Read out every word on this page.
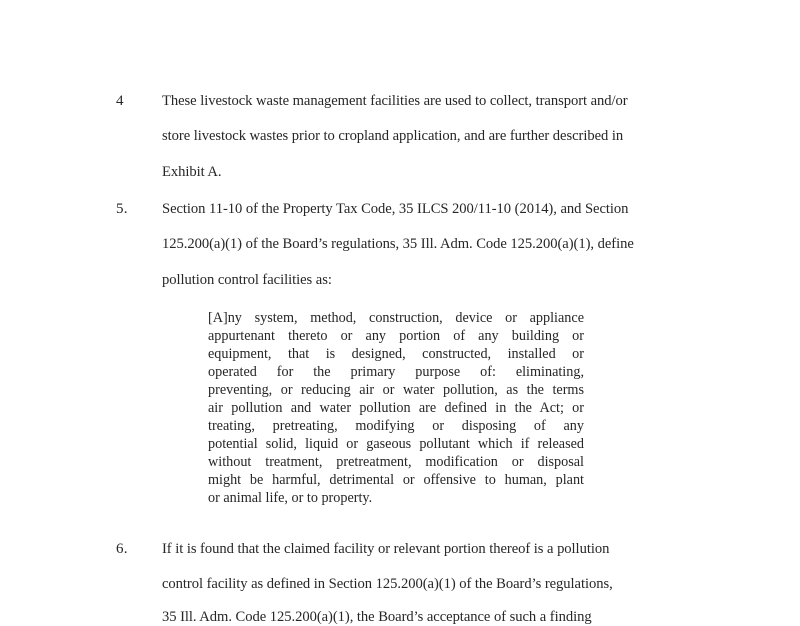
4	These livestock waste management facilities are used to collect, transport and/or
store livestock wastes prior to cropland application, and are further described in
Exhibit A.
5. Section 11-10 of the Property Tax Code, 35 ILCS 200/11-10 (2014), and Section
125.200(a)(1) of the Board’s regulations, 35 Ill. Adm. Code 125.200(a)(1), define
pollution control facilities as:
[A]ny system, method, construction, device or appliance
appurtenant thereto or any portion of any building or
equipment, that is designed, constructed, installed or
operated for the primary purpose of: eliminating,
preventing, or reducing air or water pollution, as the terms
air pollution and water pollution are defined in the Act; or
treating, pretreating, modifying or disposing of any
potential solid, liquid or gaseous pollutant which if released
without treatment, pretreatment, modification or disposal
might be harmful, detrimental or offensive to human, plant
or animal life, or to property.
6. If it is found that the claimed facility or relevant portion thereof is a pollution
control facility as defined in Section 125.200(a)(1) of the Board’s regulations,
35 Ill. Adm. Code 125.200(a)(1), the Board’s acceptance of such a finding
